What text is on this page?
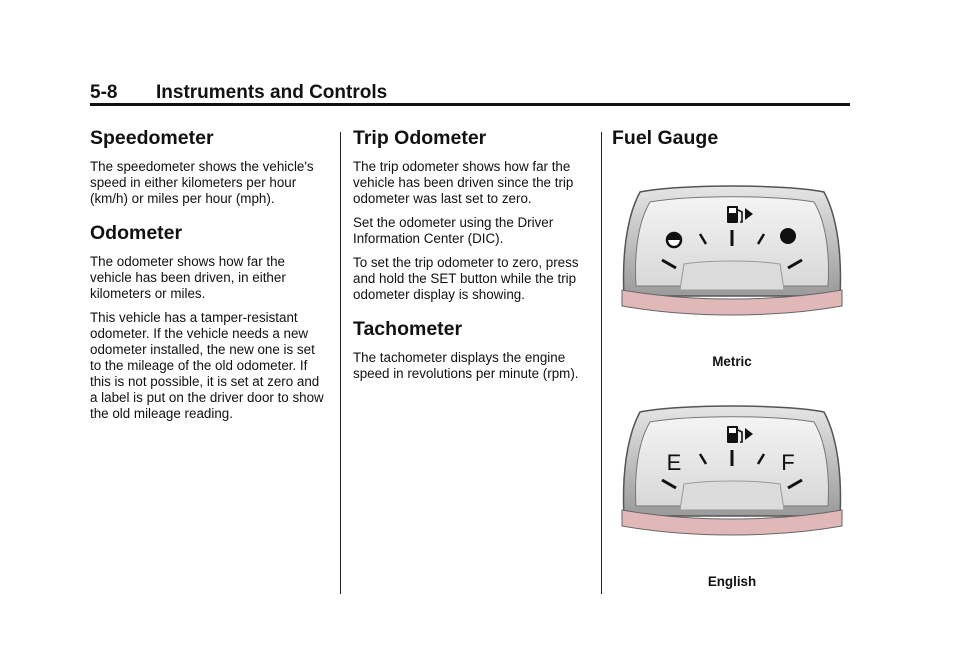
5-8 Instruments and Controls
Speedometer

The speedometer shows the vehicle's speed in either kilometers per hour (km/h) or miles per hour (mph).

Odometer

The odometer shows how far the vehicle has been driven, in either kilometers or miles.

This vehicle has a tamper-resistant odometer. If the vehicle needs a new odometer installed, the new one is set to the mileage of the old odometer. If this is not possible, it is set at zero and a label is put on the driver door to show the old mileage reading.

Trip Odometer

The trip odometer shows how far the vehicle has been driven since the trip odometer was last set to zero.

Set the odometer using the Driver Information Center (DIC).

To set the trip odometer to zero, press and hold the SET button while the trip odometer display is showing.

Tachometer

The tachometer displays the engine speed in revolutions per minute (rpm).

Fuel Gauge
Metric
E	F
English
